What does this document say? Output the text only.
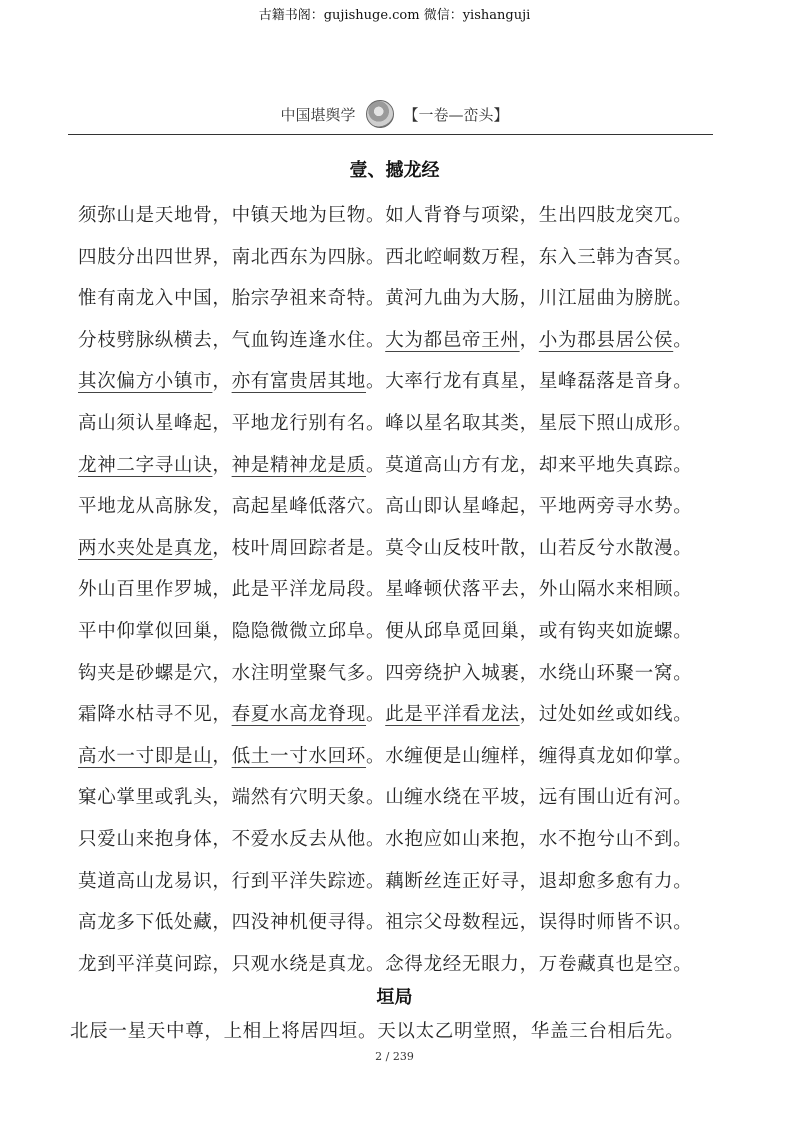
古籍书阁：gujishuge.com 微信：yishanguji
中国堪舆学	【一卷—峦头】
壹、撼龙经
须弥山是天地骨，中镇天地为巨物。如人背脊与项梁，生出四肢龙突兀。
四肢分出四世界，南北西东为四脉。西北崆峒数万程，东入三韩为杳冥。
惟有南龙入中国，胎宗孕祖来奇特。黄河九曲为大肠，川江屈曲为膀胱。
分枝劈脉纵横去，气血钩连逢水住。大为都邑帝王州，小为郡县居公侯。
其次偏方小镇市，亦有富贵居其地。大率行龙有真星，星峰磊落是音身。
高山须认星峰起，平地龙行别有名。峰以星名取其类，星辰下照山成形。
龙神二字寻山诀，神是精神龙是质。莫道高山方有龙，却来平地失真踪。
平地龙从高脉发，高起星峰低落穴。高山即认星峰起，平地两旁寻水势。
两水夹处是真龙，枝叶周回踪者是。莫令山反枝叶散，山若反兮水散漫。
外山百里作罗城，此是平洋龙局段。星峰顿伏落平去，外山隔水来相顾。
平中仰掌似回巢，隐隐微微立邱阜。便从邱阜觅回巢，或有钩夹如旋螺。
钩夹是砂螺是穴，水注明堂聚气多。四旁绕护入城裹，水绕山环聚一窝。
霜降水枯寻不见，春夏水高龙脊现。此是平洋看龙法，过处如丝或如线。
高水一寸即是山，低土一寸水回环。水缠便是山缠样，缠得真龙如仰掌。
窠心掌里或乳头，端然有穴明天象。山缠水绕在平坡，远有围山近有河。
只爱山来抱身体，不爱水反去从他。水抱应如山来抱，水不抱兮山不到。
莫道高山龙易识，行到平洋失踪迹。藕断丝连正好寻，退却愈多愈有力。
高龙多下低处藏，四没神机便寻得。祖宗父母数程远，误得时师皆不识。
龙到平洋莫问踪，只观水绕是真龙。念得龙经无眼力，万卷藏真也是空。
垣局
北辰一星天中尊，上相上将居四垣。天以太乙明堂照，华盖三台相后先。
2 / 239
